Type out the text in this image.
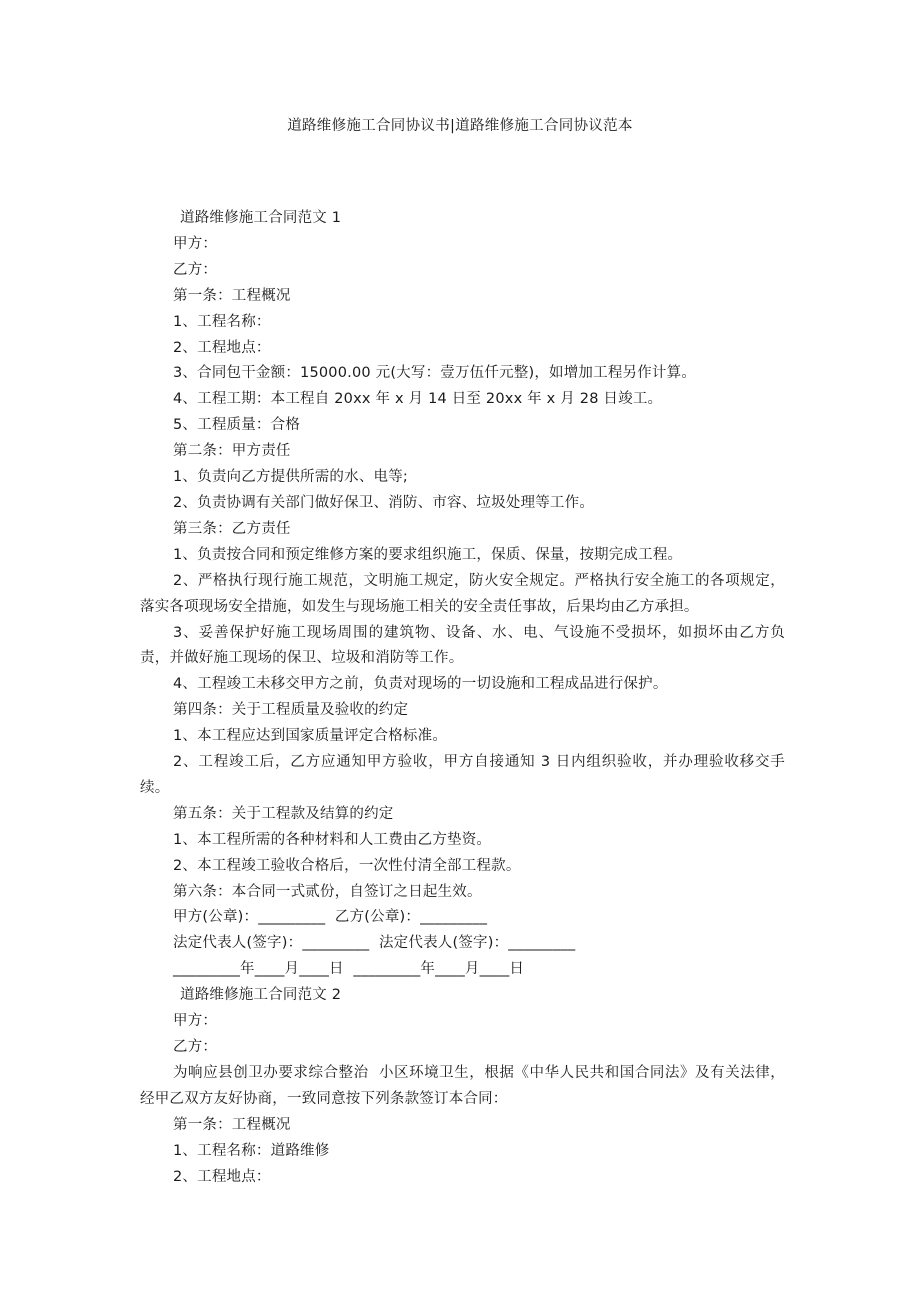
道路维修施工合同协议书|道路维修施工合同协议范本

道路维修施工合同范文 1

甲方：

乙方：

第一条：工程概况

1、工程名称：

2、工程地点：

3、合同包干金额：15000.00 元(大写：壹万伍仟元整)，如增加工程另作计算。

4、工程工期：本工程自 20xx 年 x 月 14 日至 20xx 年 x 月 28 日竣工。

5、工程质量：合格

第二条：甲方责任

1、负责向乙方提供所需的水、电等;

2、负责协调有关部门做好保卫、消防、市容、垃圾处理等工作。

第三条：乙方责任

1、负责按合同和预定维修方案的要求组织施工，保质、保量，按期完成工程。

2、严格执行现行施工规范，文明施工规定，防火安全规定。严格执行安全施工的各项规定，落实各项现场安全措施，如发生与现场施工相关的安全责任事故，后果均由乙方承担。

3、妥善保护好施工现场周围的建筑物、设备、水、电、气设施不受损坏，如损坏由乙方负责，并做好施工现场的保卫、垃圾和消防等工作。

4、工程竣工未移交甲方之前，负责对现场的一切设施和工程成品进行保护。

第四条：关于工程质量及验收的约定

1、本工程应达到国家质量评定合格标准。

2、工程竣工后，乙方应通知甲方验收，甲方自接通知 3 日内组织验收，并办理验收移交手续。

第五条：关于工程款及结算的约定

1、本工程所需的各种材料和人工费由乙方垫资。

2、本工程竣工验收合格后，一次性付清全部工程款。

第六条：本合同一式贰份，自签订之日起生效。

甲方(公章)：_________  乙方(公章)：_________

法定代表人(签字)：_________  法定代表人(签字)：_________

_________年____月____日  _________年____月____日

道路维修施工合同范文 2

甲方：

乙方：

为响应县创卫办要求综合整治  小区环境卫生，根据《中华人民共和国合同法》及有关法律，经甲乙双方友好协商，一致同意按下列条款签订本合同：

第一条：工程概况

1、工程名称：道路维修

2、工程地点：
